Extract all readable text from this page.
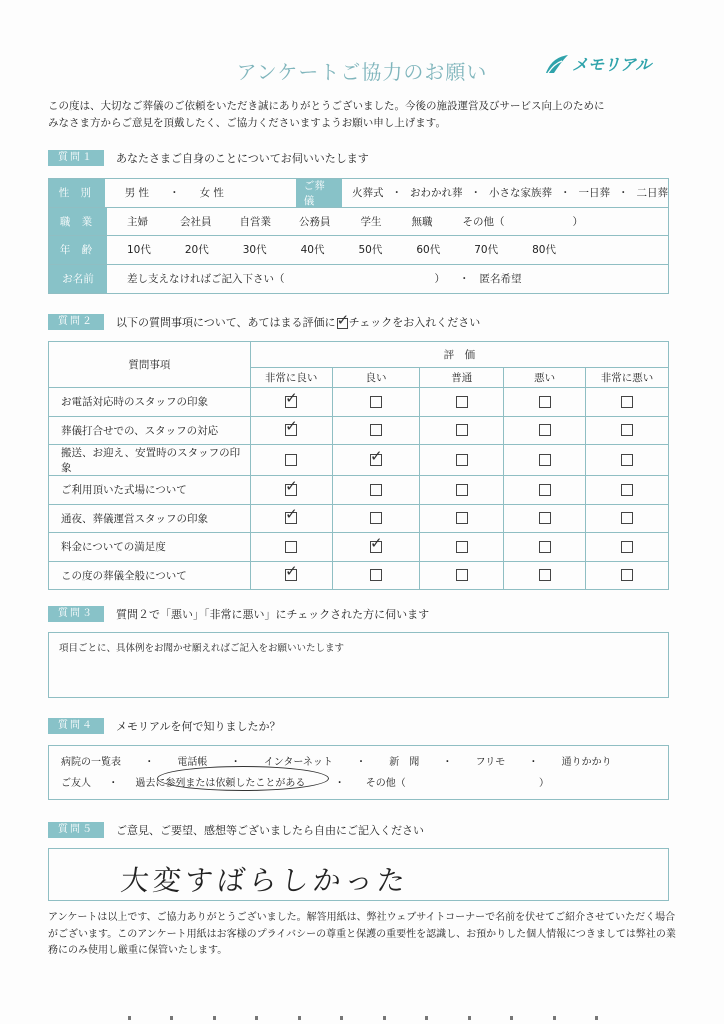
アンケートご協力のお願い	メモリアル
この度は、大切なご葬儀のご依頼をいただき誠にありがとうございました。今後の施設運営及びサービス向上のために
みなさま方からご意見を頂戴したく、ご協力くださいますようお願い申し上げます。
質問１	あなたさまご自身のことについてお伺いいたします
性 別	男 性 ・ 女 性
ご葬儀
火葬式 ・ おわかれ葬 ・ 小さな家族葬 ・ 一日葬 ・ 二日葬
職 業	主婦	会社員	自営業	公務員	学生	無職	その他（	）
年 齢	10代	20代	30代	40代	50代	60代	70代	80代
お名前	差し支えなければご記入下さい（	） ・ 匿名希望
質問２	以下の質問事項について、あてはまる評価に ✓ チェックをお入れください
質問事項	評　価				
	非常に良い	良い	普通	悪い	非常に悪い
お電話対応時のスタッフの印象	✓				

葬儀打合せでの、スタッフの対応	✓				

搬送、お迎え、安置時のスタッフの印象		✓			

ご利用頂いた式場について	✓				

通夜、葬儀運営スタッフの印象	✓				

料金についての満足度		✓			

この度の葬儀全般について	✓				

質問３	質問２で「悪い」「非常に悪い」にチェックされた方に伺います
項目ごとに、具体例をお聞かせ願えればご記入をお願いいたします
質問４	メモリアルを何で知りましたか？
病院の一覧表 ・ 電話帳 ・ インターネット ・ 新　聞 ・ フリモ ・ 通りかかり
ご友人 ・ 過去に参列または依頼したことがある	・ その他（	）
質問５	ご意見、ご要望、感想等ございましたら自由にご記入ください
大変すばらしかった
アンケートは以上です、ご協力ありがとうございました。解答用紙は、弊社ウェブサイトコーナーで名前を伏せてご紹介させていただく場合
がございます。このアンケート用紙はお客様のプライバシーの尊重と保護の重要性を認識し、お預かりした個人情報につきましては弊社の業
務にのみ使用し厳重に保管いたします。
